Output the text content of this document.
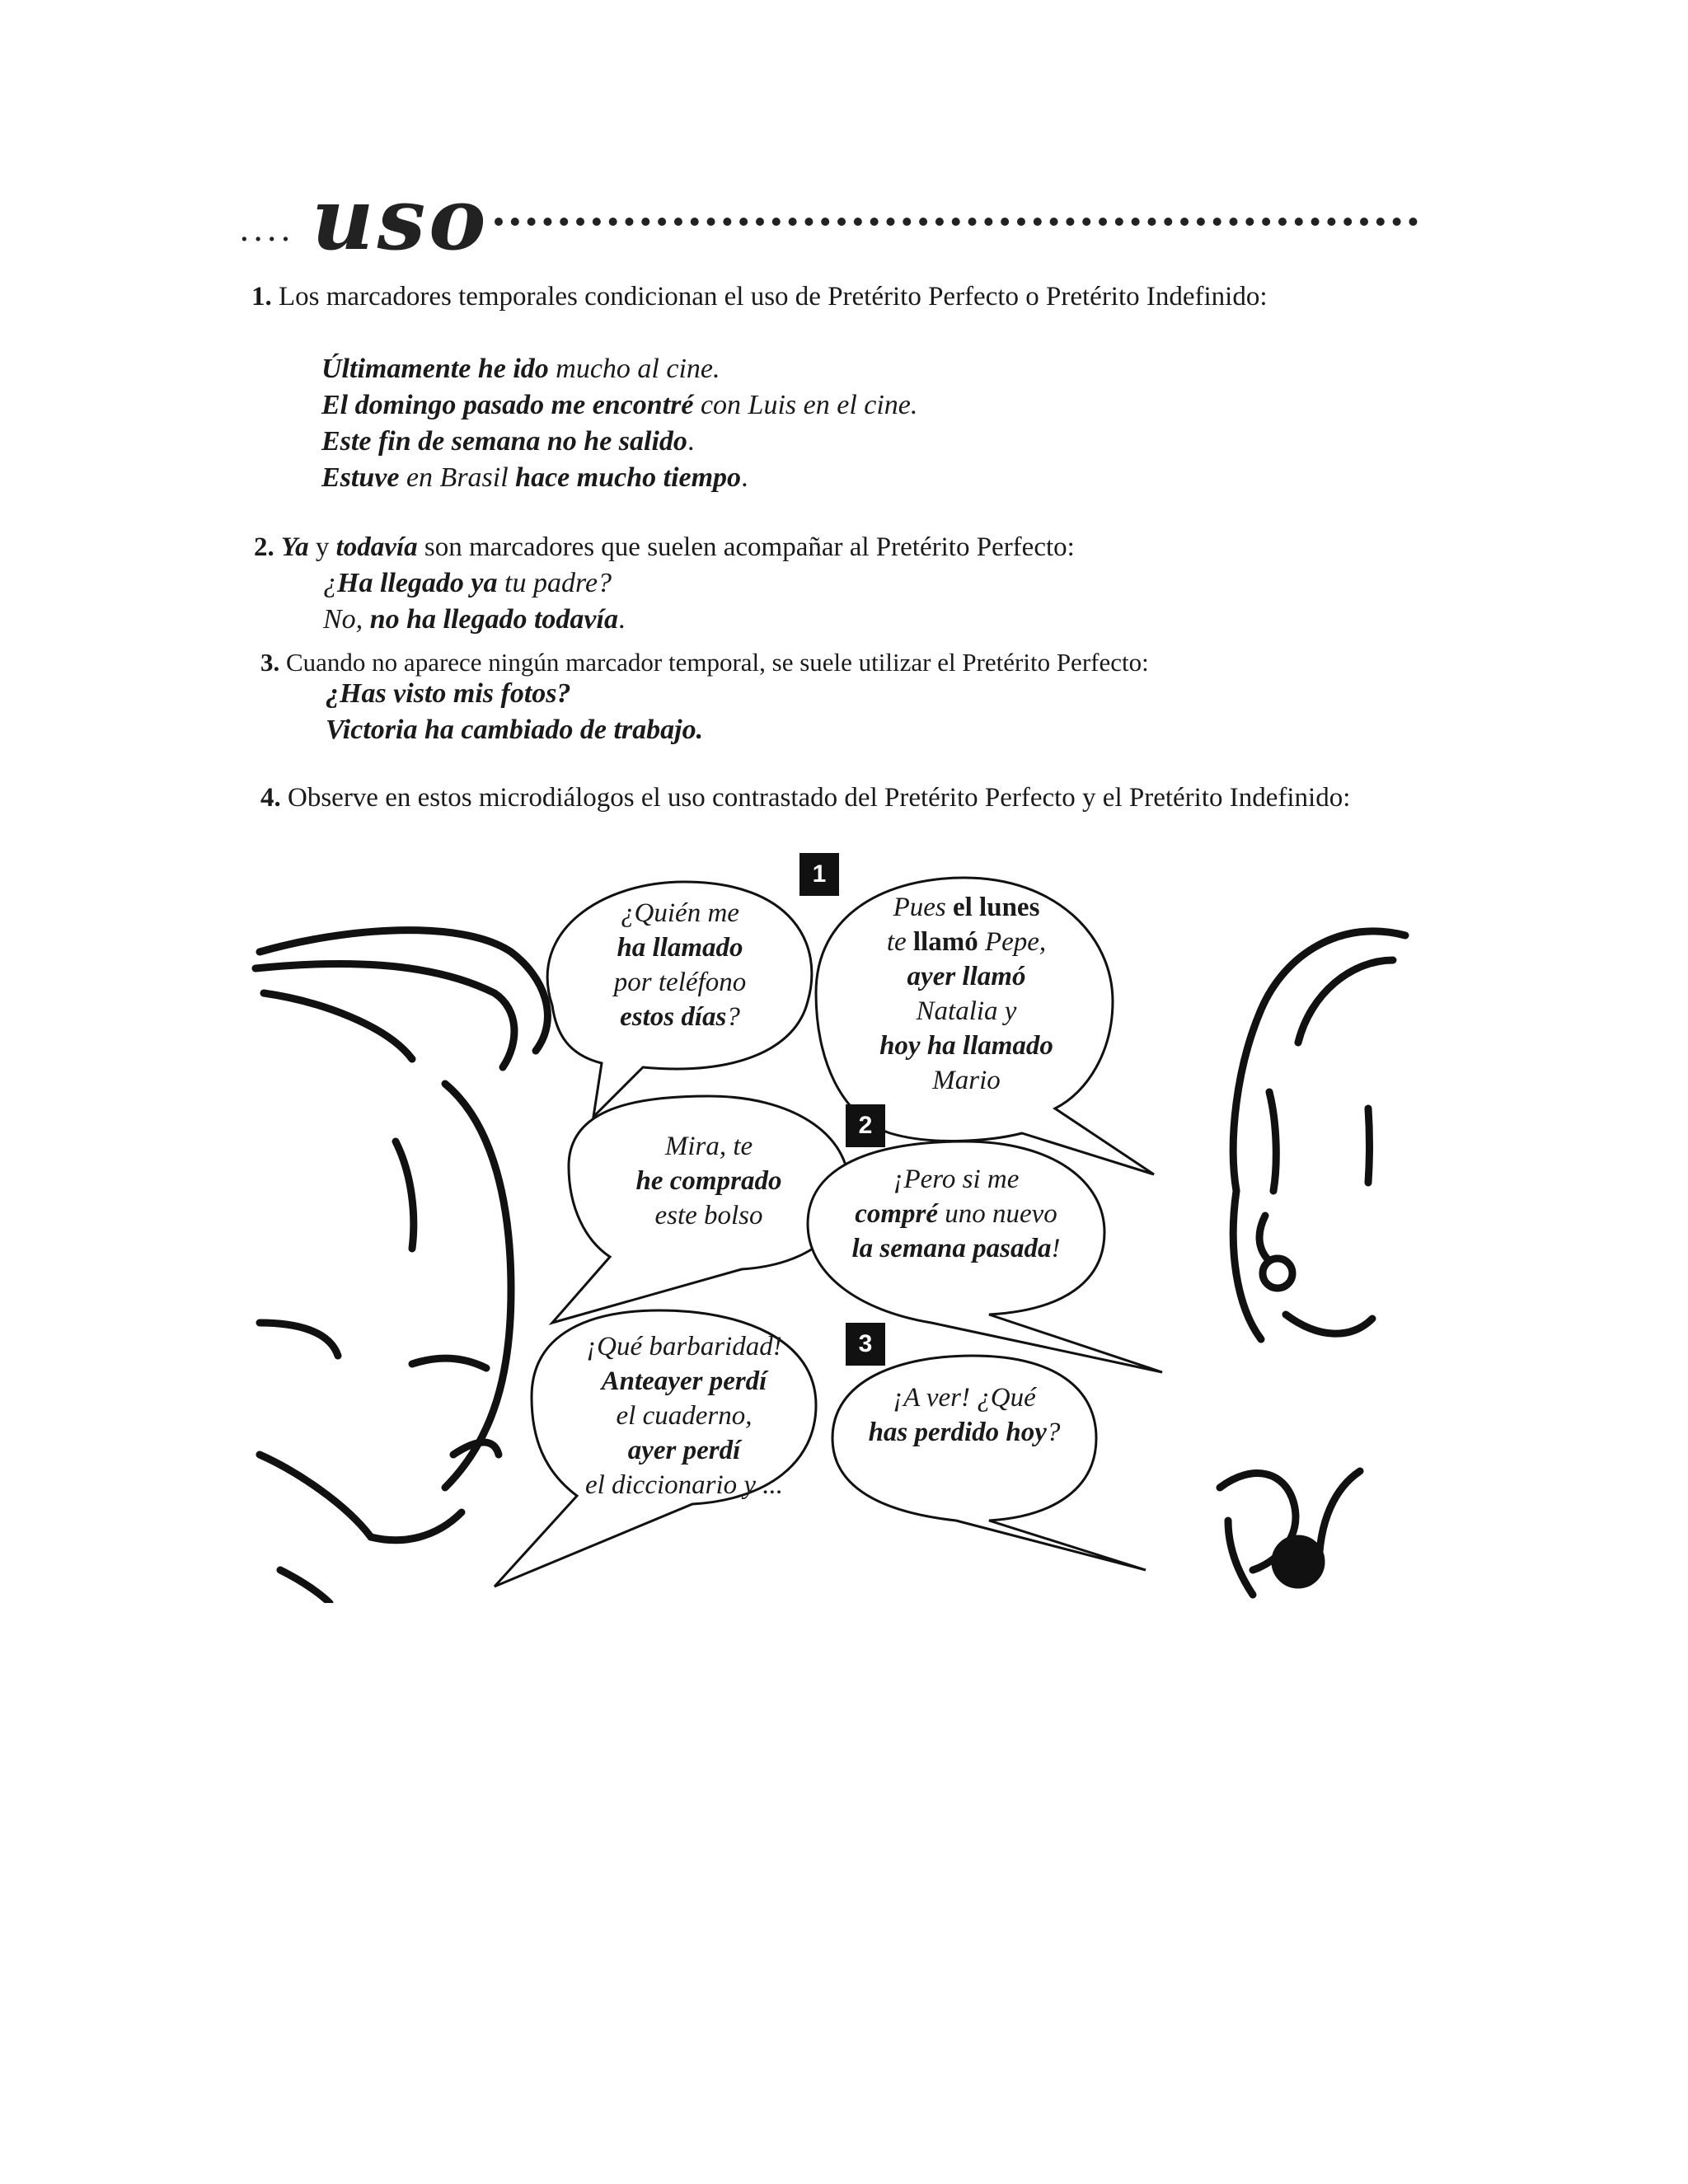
.... uso
1. Los marcadores temporales condicionan el uso de Pretérito Perfecto o Pretérito Indefinido:
Últimamente he ido mucho al cine.
El domingo pasado me encontré con Luis en el cine.
Este fin de semana no he salido.
Estuve en Brasil hace mucho tiempo.
2. Ya y todavía son marcadores que suelen acompañar al Pretérito Perfecto:
¿Ha llegado ya tu padre?
No, no ha llegado todavía.
3. Cuando no aparece ningún marcador temporal, se suele utilizar el Pretérito Perfecto:
¿Has visto mis fotos?
Victoria ha cambiado de trabajo.
4. Observe en estos microdiálogos el uso contrastado del Pretérito Perfecto y el Pretérito Indefinido:
1
2
3
¿Quién me
ha llamado
por teléfono
estos días?
Pues el lunes
te llamó Pepe,
ayer llamó
Natalia y
hoy ha llamado
Mario
Mira, te
he comprado
este bolso
¡Pero si me
compré uno nuevo
la semana pasada!
¡Qué barbaridad!
Anteayer perdí
el cuaderno,
ayer perdí
el diccionario y ...
¡A ver! ¿Qué
has perdido hoy?
